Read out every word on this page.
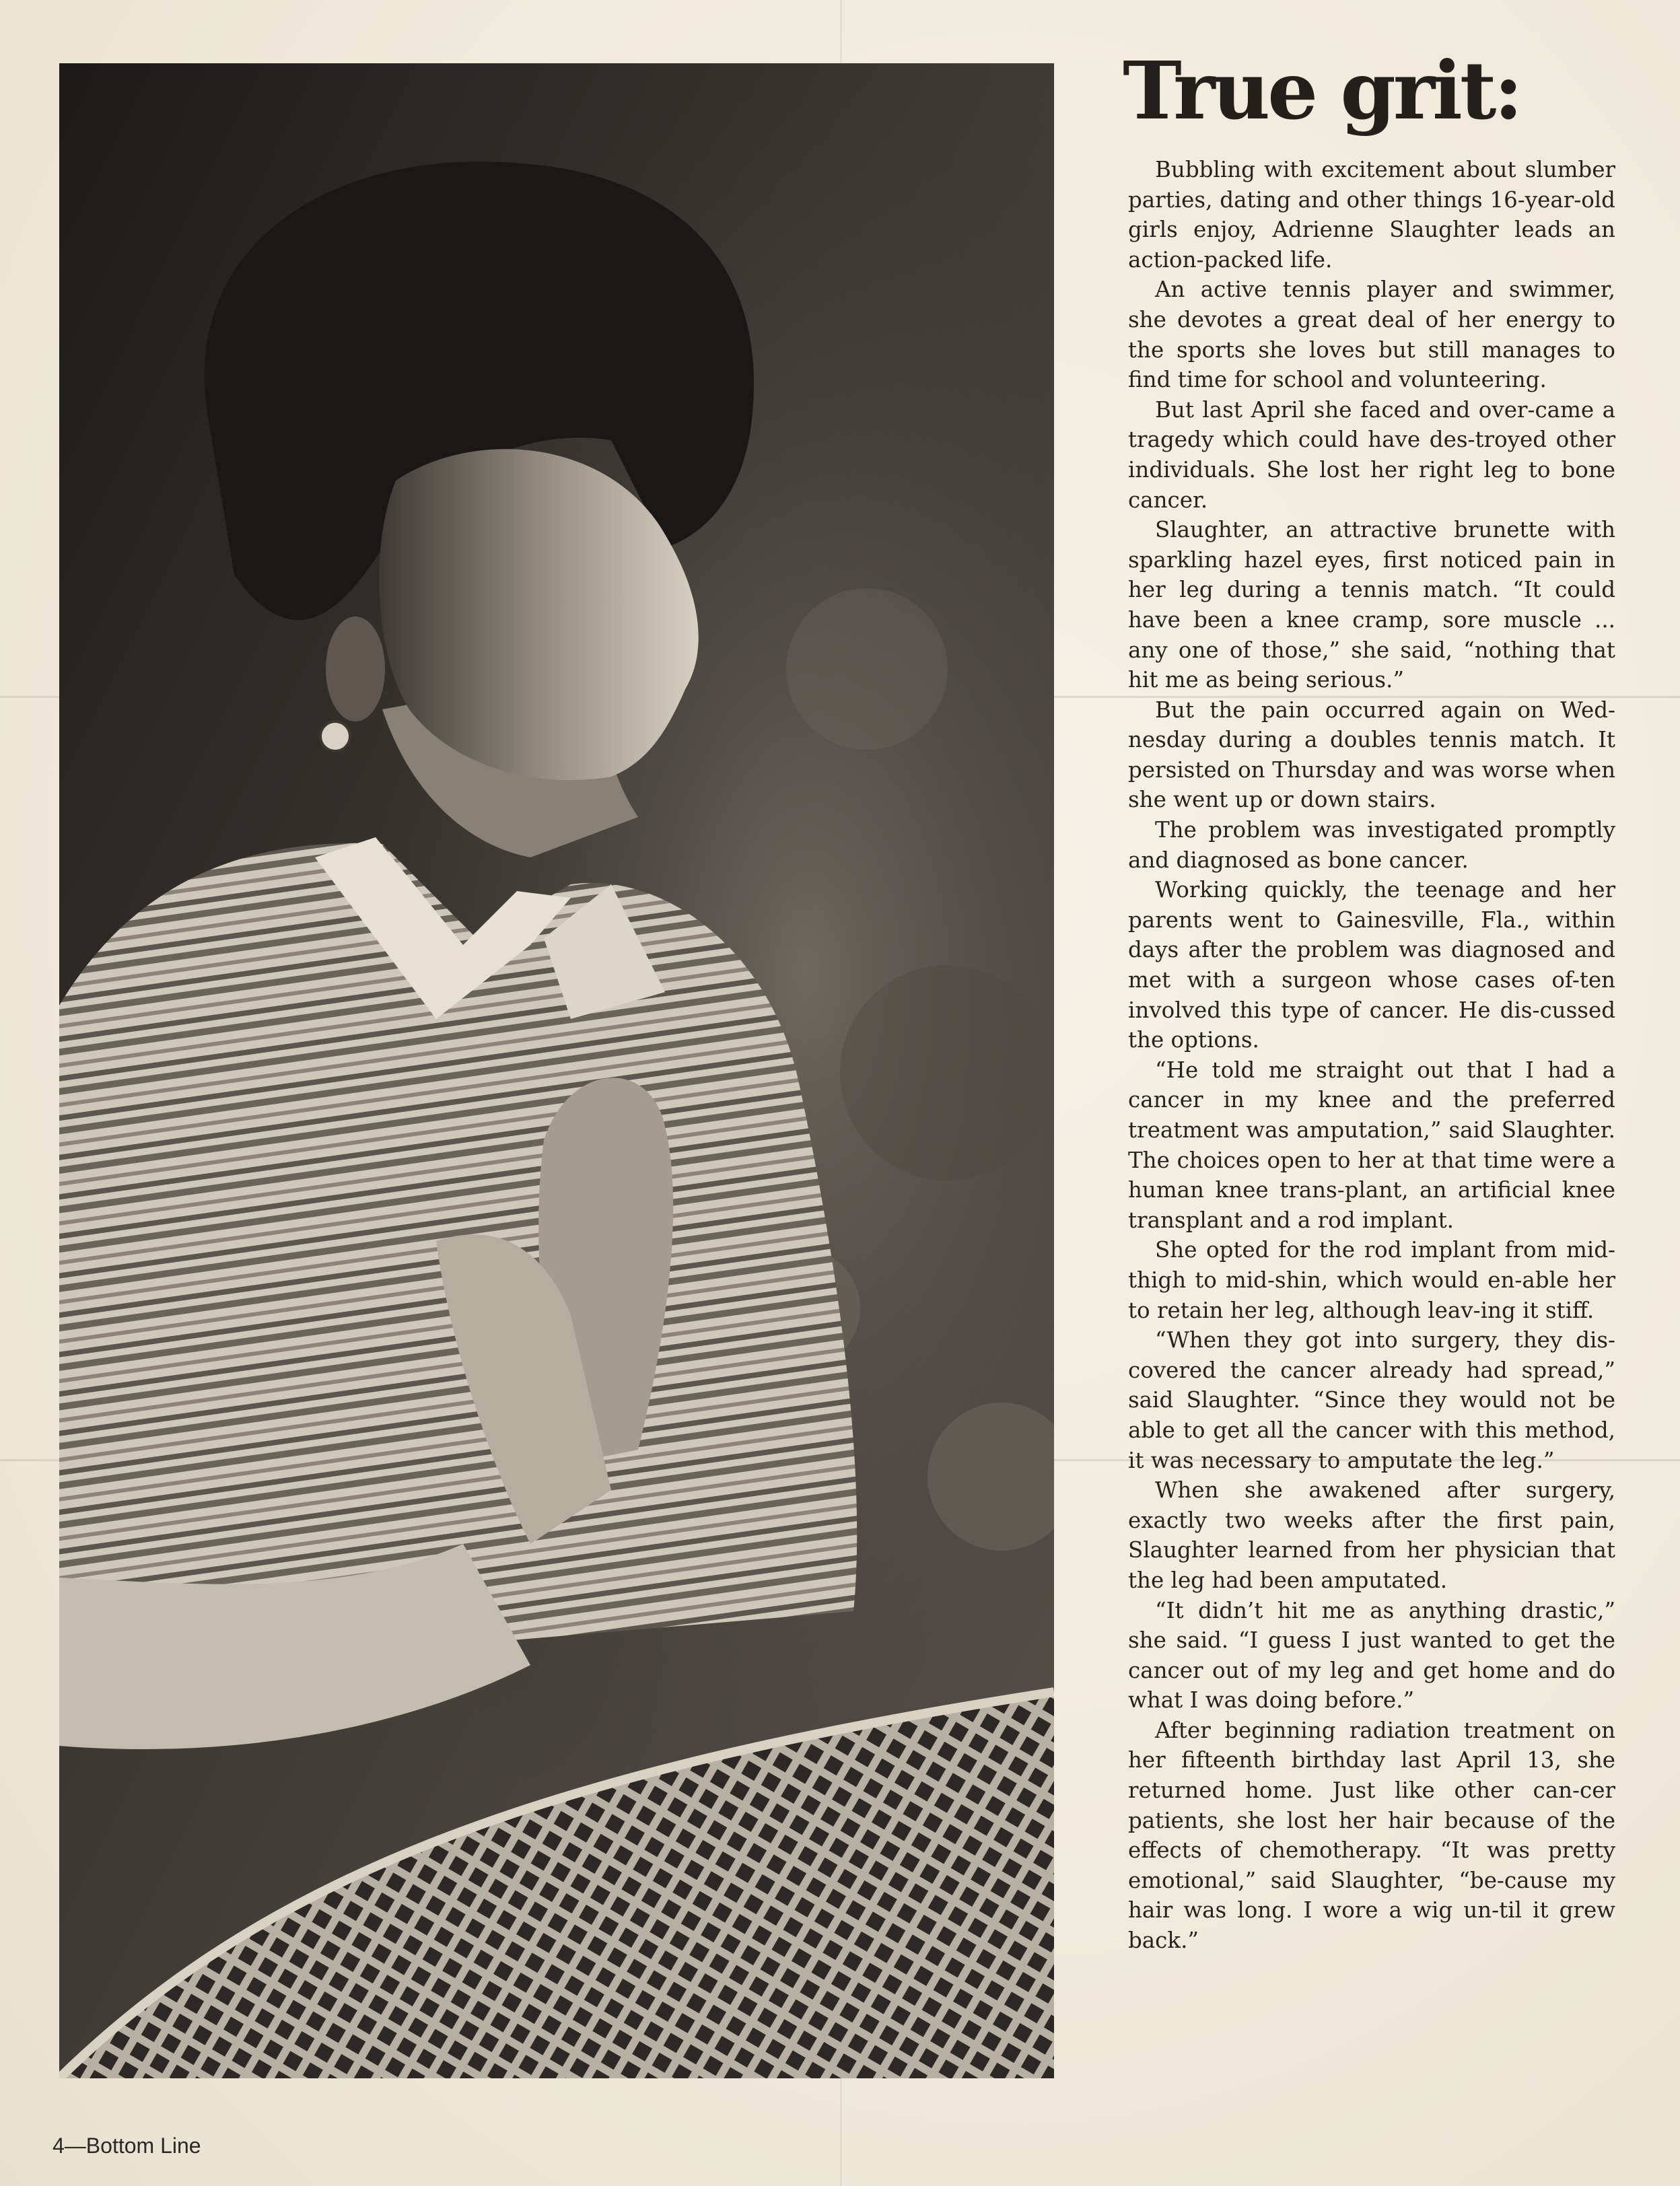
True grit:

Bubbling with excitement about slumber parties, dating and other things 16-year-old girls enjoy, Adrienne Slaughter leads an action-packed life.

An active tennis player and swimmer, she devotes a great deal of her energy to the sports she loves but still manages to find time for school and volunteering.

But last April she faced and over-came a tragedy which could have des-troyed other individuals. She lost her right leg to bone cancer.

Slaughter, an attractive brunette with sparkling hazel eyes, first noticed pain in her leg during a tennis match. “It could have been a knee cramp, sore muscle ... any one of those,” she said, “nothing that hit me as being serious.”

But the pain occurred again on Wed-nesday during a doubles tennis match. It persisted on Thursday and was worse when she went up or down stairs.

The problem was investigated promptly and diagnosed as bone cancer.

Working quickly, the teenage and her parents went to Gainesville, Fla., within days after the problem was diagnosed and met with a surgeon whose cases of-ten involved this type of cancer. He dis-cussed the options.

“He told me straight out that I had a cancer in my knee and the preferred treatment was amputation,” said Slaughter. The choices open to her at that time were a human knee trans-plant, an artificial knee transplant and a rod implant.

She opted for the rod implant from mid-thigh to mid-shin, which would en-able her to retain her leg, although leav-ing it stiff.

“When they got into surgery, they dis-covered the cancer already had spread,” said Slaughter. “Since they would not be able to get all the cancer with this method, it was necessary to amputate the leg.”

When she awakened after surgery, exactly two weeks after the first pain, Slaughter learned from her physician that the leg had been amputated.

“It didn’t hit me as anything drastic,” she said. “I guess I just wanted to get the cancer out of my leg and get home and do what I was doing before.”

After beginning radiation treatment on her fifteenth birthday last April 13, she returned home. Just like other can-cer patients, she lost her hair because of the effects of chemotherapy. “It was pretty emotional,” said Slaughter, “be-cause my hair was long. I wore a wig un-til it grew back.”

4—Bottom Line
